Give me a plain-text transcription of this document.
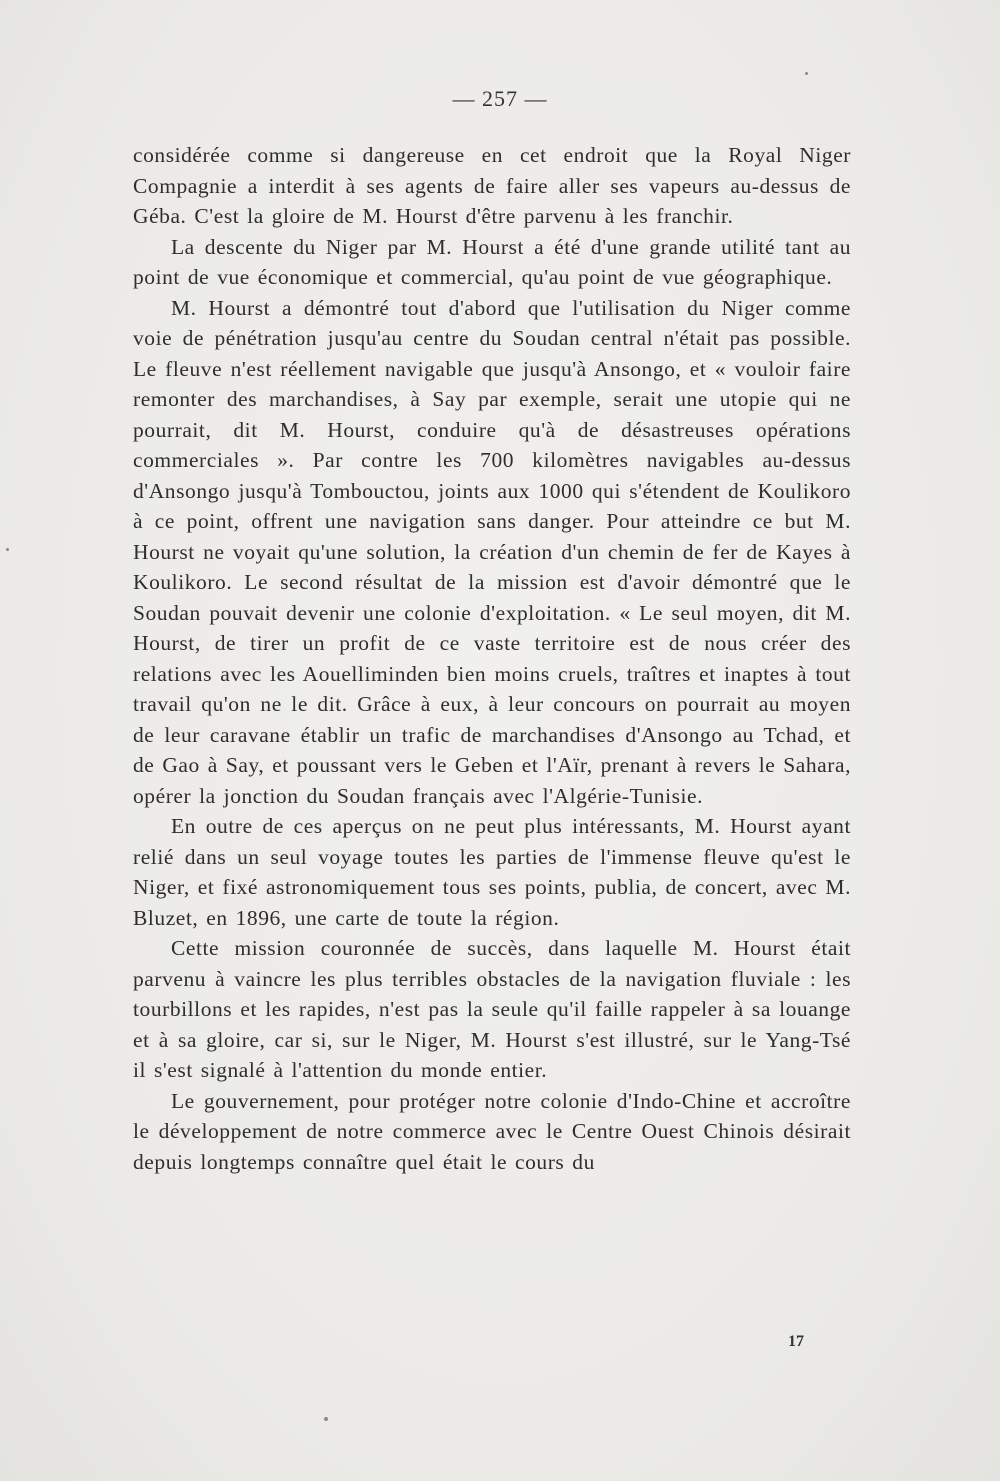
— 257 —

considérée comme si dangereuse en cet endroit que la Royal Niger Compagnie a interdit à ses agents de faire aller ses vapeurs au-dessus de Géba. C'est la gloire de M. Hourst d'être parvenu à les franchir.

La descente du Niger par M. Hourst a été d'une grande utilité tant au point de vue économique et commercial, qu'au point de vue géographique.

M. Hourst a démontré tout d'abord que l'utilisation du Niger comme voie de pénétration jusqu'au centre du Soudan central n'était pas possible. Le fleuve n'est réellement navigable que jusqu'à Ansongo, et « vouloir faire remonter des marchandises, à Say par exemple, serait une utopie qui ne pourrait, dit M. Hourst, conduire qu'à de désastreuses opérations commerciales ». Par contre les 700 kilomètres navigables au-dessus d'Ansongo jusqu'à Tombouctou, joints aux 1000 qui s'étendent de Koulikoro à ce point, offrent une navigation sans danger. Pour atteindre ce but M. Hourst ne voyait qu'une solution, la création d'un chemin de fer de Kayes à Koulikoro. Le second résultat de la mission est d'avoir démontré que le Soudan pouvait devenir une colonie d'exploitation. « Le seul moyen, dit M. Hourst, de tirer un profit de ce vaste territoire est de nous créer des relations avec les Aouelliminden bien moins cruels, traîtres et inaptes à tout travail qu'on ne le dit. Grâce à eux, à leur concours on pourrait au moyen de leur caravane établir un trafic de marchandises d'Ansongo au Tchad, et de Gao à Say, et poussant vers le Geben et l'Aïr, prenant à revers le Sahara, opérer la jonction du Soudan français avec l'Algérie-Tunisie.

En outre de ces aperçus on ne peut plus intéressants, M. Hourst ayant relié dans un seul voyage toutes les parties de l'immense fleuve qu'est le Niger, et fixé astronomiquement tous ses points, publia, de concert, avec M. Bluzet, en 1896, une carte de toute la région.

Cette mission couronnée de succès, dans laquelle M. Hourst était parvenu à vaincre les plus terribles obstacles de la navigation fluviale : les tourbillons et les rapides, n'est pas la seule qu'il faille rappeler à sa louange et à sa gloire, car si, sur le Niger, M. Hourst s'est illustré, sur le Yang-Tsé il s'est signalé à l'attention du monde entier.

Le gouvernement, pour protéger notre colonie d'Indo-Chine et accroître le développement de notre commerce avec le Centre Ouest Chinois désirait depuis longtemps connaître quel était le cours du

17
